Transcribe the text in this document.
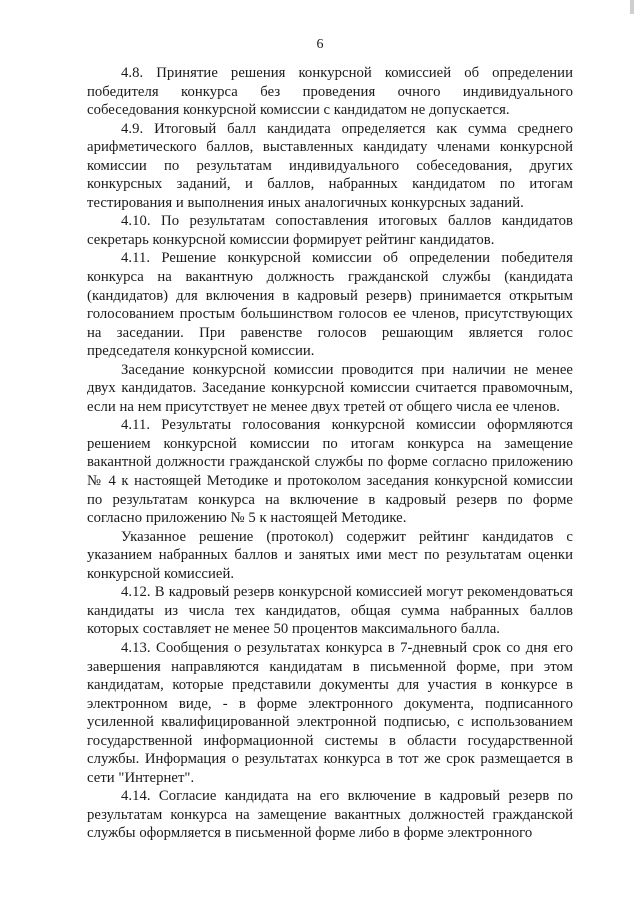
6

4.8. Принятие решения конкурсной комиссией об определении победителя конкурса без проведения очного индивидуального собеседования конкурсной комиссии с кандидатом не допускается.

4.9. Итоговый балл кандидата определяется как сумма среднего арифметического баллов, выставленных кандидату членами конкурсной комиссии по результатам индивидуального собеседования, других конкурсных заданий, и баллов, набранных кандидатом по итогам тестирования и выполнения иных аналогичных конкурсных заданий.

4.10. По результатам сопоставления итоговых баллов кандидатов секретарь конкурсной комиссии формирует рейтинг кандидатов.

4.11. Решение конкурсной комиссии об определении победителя конкурса на вакантную должность гражданской службы (кандидата (кандидатов) для включения в кадровый резерв) принимается открытым голосованием простым большинством голосов ее членов, присутствующих на заседании. При равенстве голосов решающим является голос председателя конкурсной комиссии.

Заседание конкурсной комиссии проводится при наличии не менее двух кандидатов. Заседание конкурсной комиссии считается правомочным, если на нем присутствует не менее двух третей от общего числа ее членов.

4.11. Результаты голосования конкурсной комиссии оформляются решением конкурсной комиссии по итогам конкурса на замещение вакантной должности гражданской службы по форме согласно приложению № 4 к настоящей Методике и протоколом заседания конкурсной комиссии по результатам конкурса на включение в кадровый резерв по форме согласно приложению № 5 к настоящей Методике.

Указанное решение (протокол) содержит рейтинг кандидатов с указанием набранных баллов и занятых ими мест по результатам оценки конкурсной комиссией.

4.12. В кадровый резерв конкурсной комиссией могут рекомендоваться кандидаты из числа тех кандидатов, общая сумма набранных баллов которых составляет не менее 50 процентов максимального балла.

4.13. Сообщения о результатах конкурса в 7-дневный срок со дня его завершения направляются кандидатам в письменной форме, при этом кандидатам, которые представили документы для участия в конкурсе в электронном виде, - в форме электронного документа, подписанного усиленной квалифицированной электронной подписью, с использованием государственной информационной системы в области государственной службы. Информация о результатах конкурса в тот же срок размещается в сети "Интернет".

4.14. Согласие кандидата на его включение в кадровый резерв по результатам конкурса на замещение вакантных должностей гражданской службы оформляется в письменной форме либо в форме электронного
